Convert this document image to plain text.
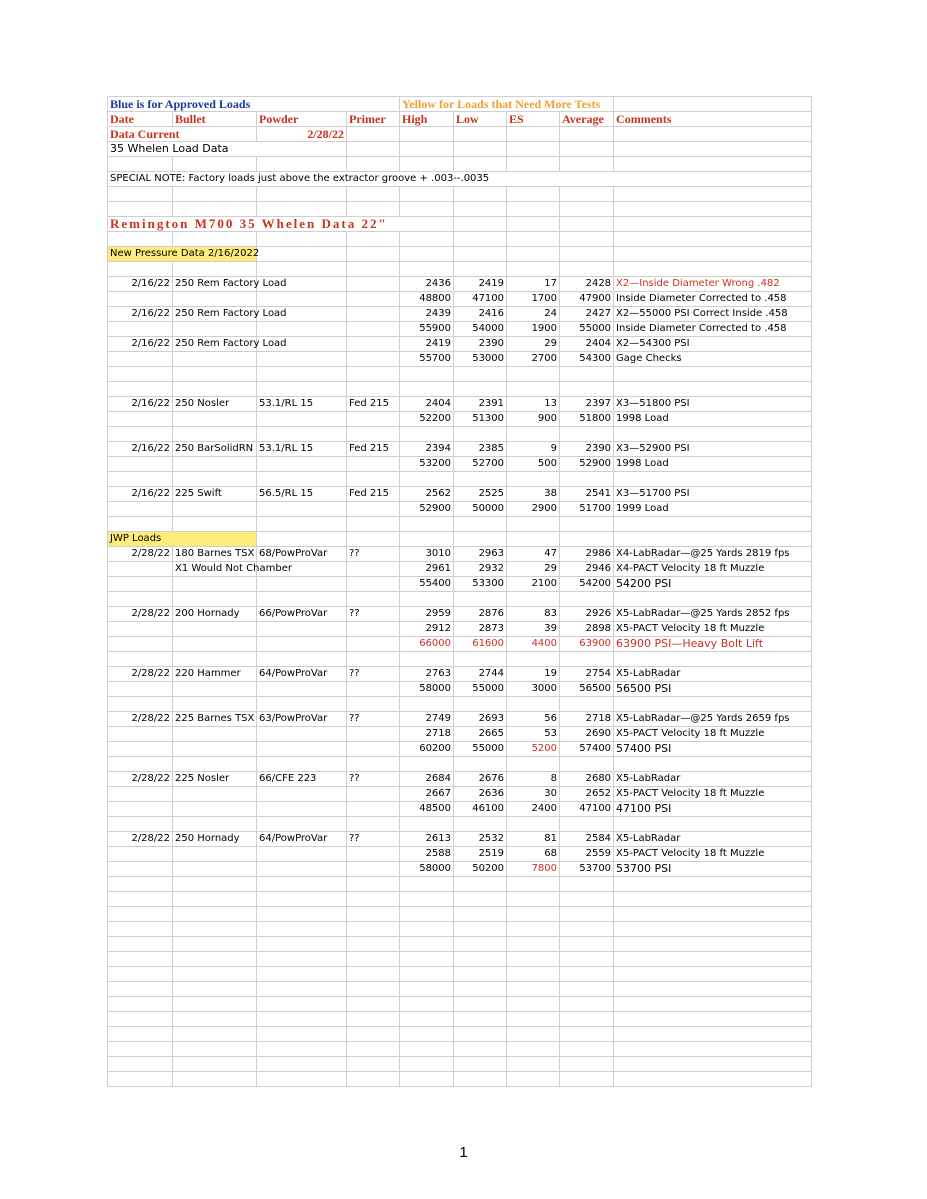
Blue is for Approved Loads				Yellow for Loads that Need More Tests				
Date	Bullet	Powder	Primer	High	Low	ES	Average	Comments
Data Current		2/28/22						
35 Whelen Load Data								

SPECIAL NOTE: Factory loads just above the extractor groove + .003--.0035								

Remington M700 35 Whelen Data 22"								

New Pressure Data 2/16/2022								

2/16/22	250 Rem Factory Load			2436	2419	17	2428	X2—Inside Diameter Wrong .482
				48800	47100	1700	47900	Inside Diameter Corrected to .458
2/16/22	250 Rem Factory Load			2439	2416	24	2427	X2—55000 PSI Correct Inside .458
				55900	54000	1900	55000	Inside Diameter Corrected to .458
2/16/22	250 Rem Factory Load			2419	2390	29	2404	X2—54300 PSI
				55700	53000	2700	54300	Gage Checks

2/16/22	250 Nosler	53.1/RL 15	Fed 215	2404	2391	13	2397	X3—51800 PSI
				52200	51300	900	51800	1998 Load

2/16/22	250 BarSolidRN	53.1/RL 15	Fed 215	2394	2385	9	2390	X3—52900 PSI
				53200	52700	500	52900	1998 Load

2/16/22	225 Swift	56.5/RL 15	Fed 215	2562	2525	38	2541	X3—51700 PSI
				52900	50000	2900	51700	1999 Load

JWP Loads								
2/28/22	180 Barnes TSX	68/PowProVar	??	3010	2963	47	2986	X4-LabRadar—@25 Yards 2819 fps
	X1 Would Not Chamber			2961	2932	29	2946	X4-PACT Velocity 18 ft Muzzle
				55400	53300	2100	54200	54200 PSI

2/28/22	200 Hornady	66/PowProVar	??	2959	2876	83	2926	X5-LabRadar—@25 Yards 2852 fps
				2912	2873	39	2898	X5-PACT Velocity 18 ft Muzzle
				66000	61600	4400	63900	63900 PSI—Heavy Bolt Lift

2/28/22	220 Hammer	64/PowProVar	??	2763	2744	19	2754	X5-LabRadar
				58000	55000	3000	56500	56500 PSI

2/28/22	225 Barnes TSX	63/PowProVar	??	2749	2693	56	2718	X5-LabRadar—@25 Yards 2659 fps
				2718	2665	53	2690	X5-PACT Velocity 18 ft Muzzle
				60200	55000	5200	57400	57400 PSI

2/28/22	225 Nosler	66/CFE 223	??	2684	2676	8	2680	X5-LabRadar
				2667	2636	30	2652	X5-PACT Velocity 18 ft Muzzle
				48500	46100	2400	47100	47100 PSI

2/28/22	250 Hornady	64/PowProVar	??	2613	2532	81	2584	X5-LabRadar
				2588	2519	68	2559	X5-PACT Velocity 18 ft Muzzle
				58000	50200	7800	53700	53700 PSI

1
